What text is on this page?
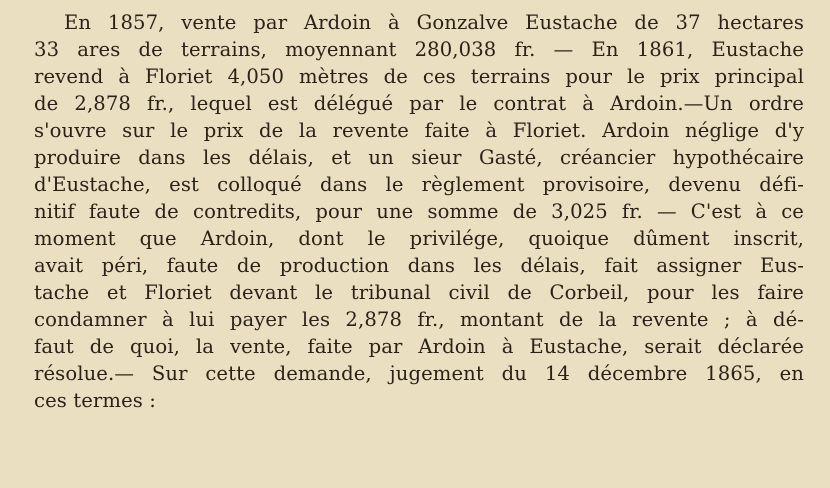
En 1857, vente par Ardoin à Gonzalve Eustache de 37 hectares
33 ares de terrains, moyennant 280,038 fr. — En 1861, Eustache
revend à Floriet 4,050 mètres de ces terrains pour le prix principal
de 2,878 fr., lequel est délégué par le contrat à Ardoin.—Un ordre
s'ouvre sur le prix de la revente faite à Floriet. Ardoin néglige d'y
produire dans les délais, et un sieur Gasté, créancier hypothécaire
d'Eustache, est colloqué dans le règlement provisoire, devenu défi-
nitif faute de contredits, pour une somme de 3,025 fr. — C'est à ce
moment que Ardoin, dont le privilége, quoique dûment inscrit,
avait péri, faute de production dans les délais, fait assigner Eus-
tache et Floriet devant le tribunal civil de Corbeil, pour les faire
condamner à lui payer les 2,878 fr., montant de la revente ; à dé-
faut de quoi, la vente, faite par Ardoin à Eustache, serait déclarée
résolue.— Sur cette demande, jugement du 14 décembre 1865, en
ces termes :
